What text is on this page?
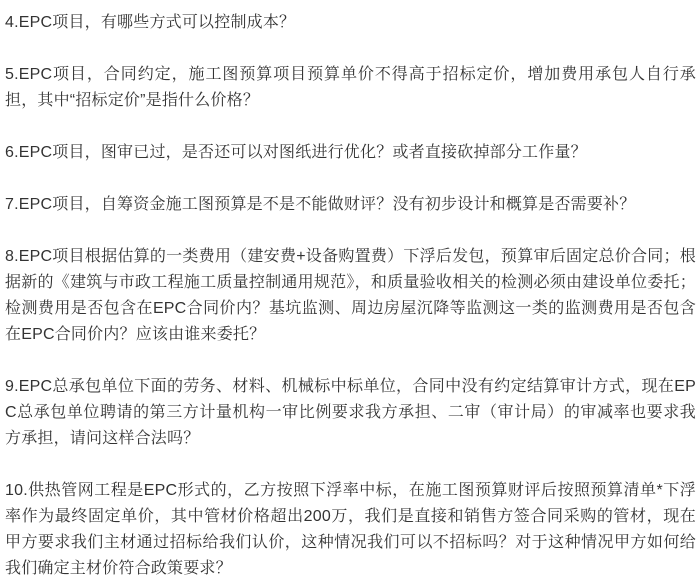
4.EPC项目，有哪些方式可以控制成本？

5.EPC项目，合同约定，施工图预算项目预算单价不得高于招标定价，增加费用承包人自行承担，其中“招标定价”是指什么价格？

6.EPC项目，图审已过，是否还可以对图纸进行优化？或者直接砍掉部分工作量？

7.EPC项目，自筹资金施工图预算是不是不能做财评？没有初步设计和概算是否需要补？

8.EPC项目根据估算的一类费用（建安费+设备购置费）下浮后发包，预算审后固定总价合同；根据新的《建筑与市政工程施工质量控制通用规范》，和质量验收相关的检测必须由建设单位委托；检测费用是否包含在EPC合同价内？基坑监测、周边房屋沉降等监测这一类的监测费用是否包含在EPC合同价内？应该由谁来委托？

9.EPC总承包单位下面的劳务、材料、机械标中标单位，合同中没有约定结算审计方式，现在EPC总承包单位聘请的第三方计量机构一审比例要求我方承担、二审（审计局）的审减率也要求我方承担，请问这样合法吗？

10.供热管网工程是EPC形式的，乙方按照下浮率中标，在施工图预算财评后按照预算清单*下浮率作为最终固定单价，其中管材价格超出200万，我们是直接和销售方签合同采购的管材，现在甲方要求我们主材通过招标给我们认价，这种情况我们可以不招标吗？对于这种情况甲方如何给我们确定主材价符合政策要求？
